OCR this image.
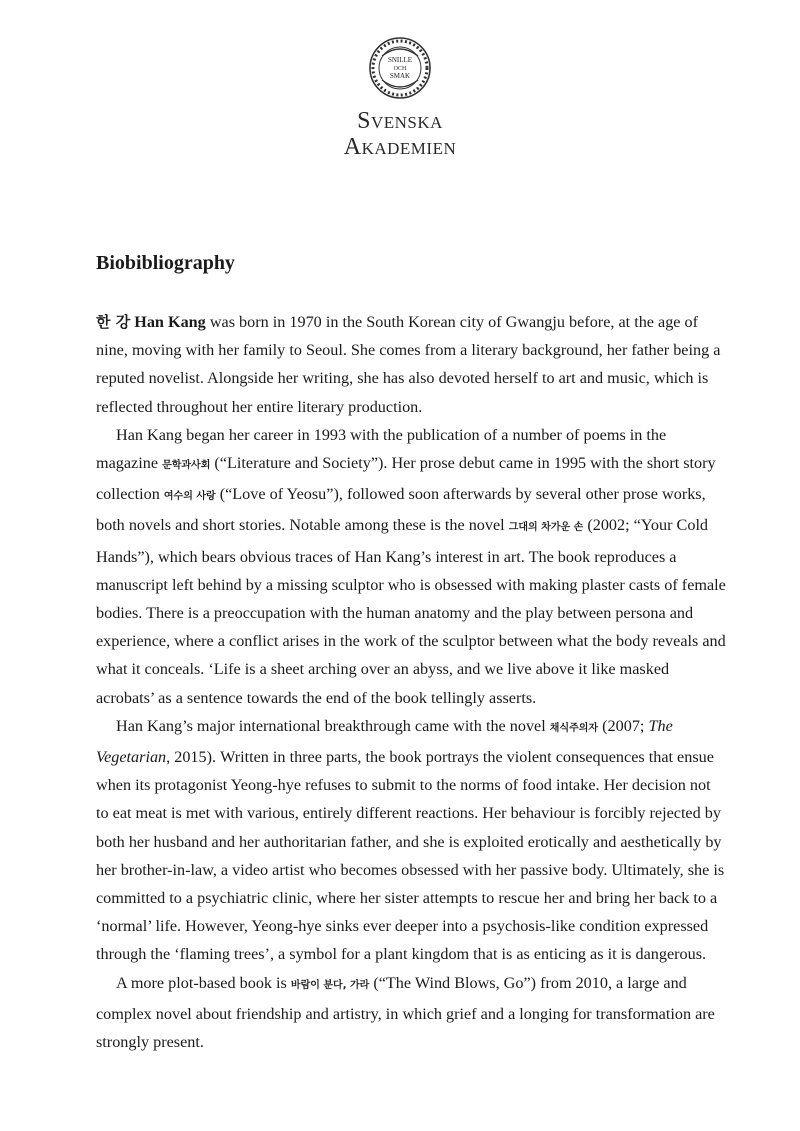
SNILLE
OCH
SMAK
Svenska
Akademien
Biobibliography

한 강 Han Kang was born in 1970 in the South Korean city of Gwangju before, at the age of nine, moving with her family to Seoul. She comes from a literary background, her father being a reputed novelist. Alongside her writing, she has also devoted herself to art and music, which is reflected throughout her entire literary production.

Han Kang began her career in 1993 with the publication of a number of poems in the magazine 문학과사회 (“Literature and Society”). Her prose debut came in 1995 with the short story collection 여수의 사랑 (“Love of Yeosu”), followed soon afterwards by several other prose works, both novels and short stories. Notable among these is the novel 그대의 차가운 손 (2002; “Your Cold Hands”), which bears obvious traces of Han Kang’s interest in art. The book reproduces a manuscript left behind by a missing sculptor who is obsessed with making plaster casts of female bodies. There is a preoccupation with the human anatomy and the play between persona and experience, where a conflict arises in the work of the sculptor between what the body reveals and what it conceals. ‘Life is a sheet arching over an abyss, and we live above it like masked acrobats’ as a sentence towards the end of the book tellingly asserts.

Han Kang’s major international breakthrough came with the novel 채식주의자 (2007; The Vegetarian, 2015). Written in three parts, the book portrays the violent consequences that ensue when its protagonist Yeong-hye refuses to submit to the norms of food intake. Her decision not to eat meat is met with various, entirely different reactions. Her behaviour is forcibly rejected by both her husband and her authoritarian father, and she is exploited erotically and aesthetically by her brother-in-law, a video artist who becomes obsessed with her passive body. Ultimately, she is committed to a psychiatric clinic, where her sister attempts to rescue her and bring her back to a ‘normal’ life. However, Yeong-hye sinks ever deeper into a psychosis-like condition expressed through the ‘flaming trees’, a symbol for a plant kingdom that is as enticing as it is dangerous.

A more plot-based book is 바람이 분다, 가라 (“The Wind Blows, Go”) from 2010, a large and complex novel about friendship and artistry, in which grief and a longing for transformation are strongly present.
